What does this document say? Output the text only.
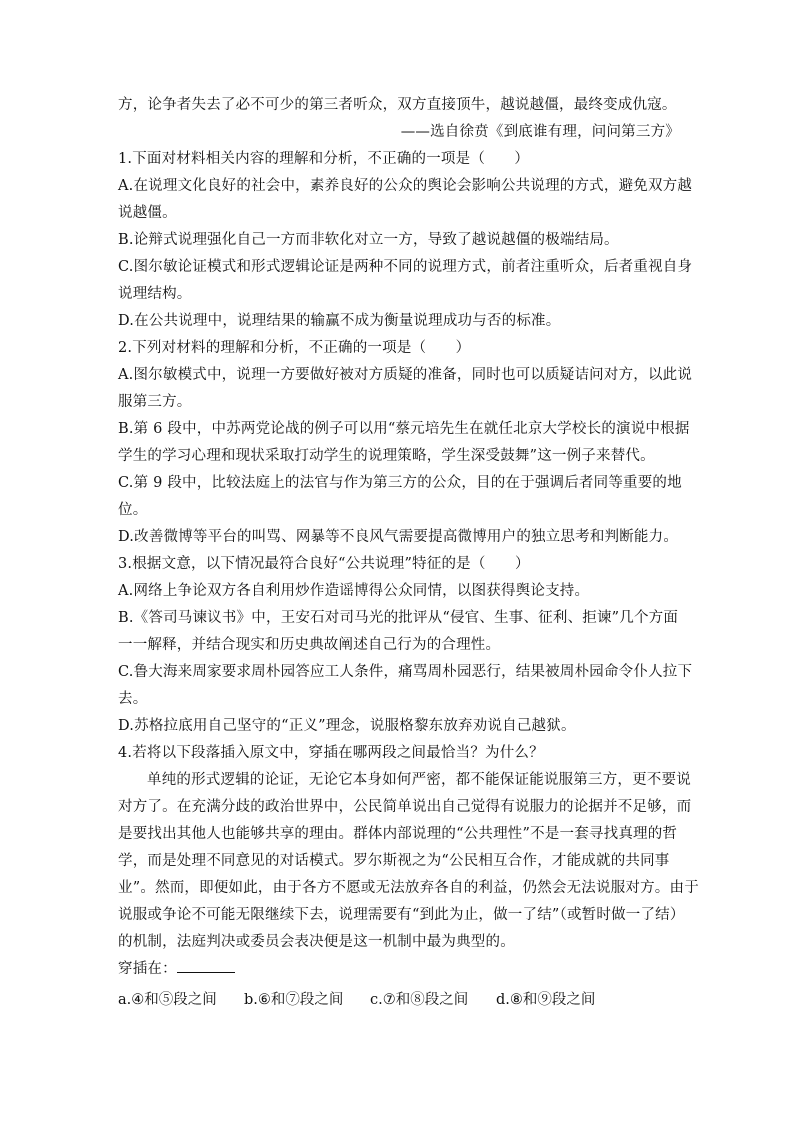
方，论争者失去了必不可少的第三者听众，双方直接顶牛，越说越僵，最终变成仇寇。
——选自徐贲《到底谁有理，问问第三方》
1.下面对材料相关内容的理解和分析，不正确的一项是（　　）
A.在说理文化良好的社会中，素养良好的公众的舆论会影响公共说理的方式，避免双方越
说越僵。
B.论辩式说理强化自己一方而非软化对立一方，导致了越说越僵的极端结局。
C.图尔敏论证模式和形式逻辑论证是两种不同的说理方式，前者注重听众，后者重视自身
说理结构。
D.在公共说理中，说理结果的输赢不成为衡量说理成功与否的标准。
2.下列对材料的理解和分析，不正确的一项是（　　）
A.图尔敏模式中，说理一方要做好被对方质疑的准备，同时也可以质疑诘问对方，以此说
服第三方。
B.第 6 段中，中苏两党论战的例子可以用“蔡元培先生在就任北京大学校长的演说中根据
学生的学习心理和现状采取打动学生的说理策略，学生深受鼓舞”这一例子来替代。
C.第 9 段中，比较法庭上的法官与作为第三方的公众，目的在于强调后者同等重要的地
位。
D.改善微博等平台的叫骂、网暴等不良风气需要提高微博用户的独立思考和判断能力。
3.根据文意，以下情况最符合良好“公共说理”特征的是（　　）
A.网络上争论双方各自利用炒作造谣博得公众同情，以图获得舆论支持。
B.《答司马谏议书》中，王安石对司马光的批评从“侵官、生事、征利、拒谏”几个方面
一一解释，并结合现实和历史典故阐述自己行为的合理性。
C.鲁大海来周家要求周朴园答应工人条件，痛骂周朴园恶行，结果被周朴园命令仆人拉下
去。
D.苏格拉底用自己坚守的“正义”理念，说服格黎东放弃劝说自己越狱。
4.若将以下段落插入原文中，穿插在哪两段之间最恰当？为什么？
单纯的形式逻辑的论证，无论它本身如何严密，都不能保证能说服第三方，更不要说
对方了。在充满分歧的政治世界中，公民简单说出自己觉得有说服力的论据并不足够，而
是要找出其他人也能够共享的理由。群体内部说理的“公共理性”不是一套寻找真理的哲
学，而是处理不同意见的对话模式。罗尔斯视之为“公民相互合作，才能成就的共同事
业”。然而，即便如此，由于各方不愿或无法放弃各自的利益，仍然会无法说服对方。由于
说服或争论不可能无限继续下去，说理需要有“到此为止，做一了结”（或暂时做一了结）
的机制，法庭判决或委员会表决便是这一机制中最为典型的。
穿插在：
a.④和⑤段之间	b.⑥和⑦段之间	c.⑦和⑧段之间	d.⑧和⑨段之间
